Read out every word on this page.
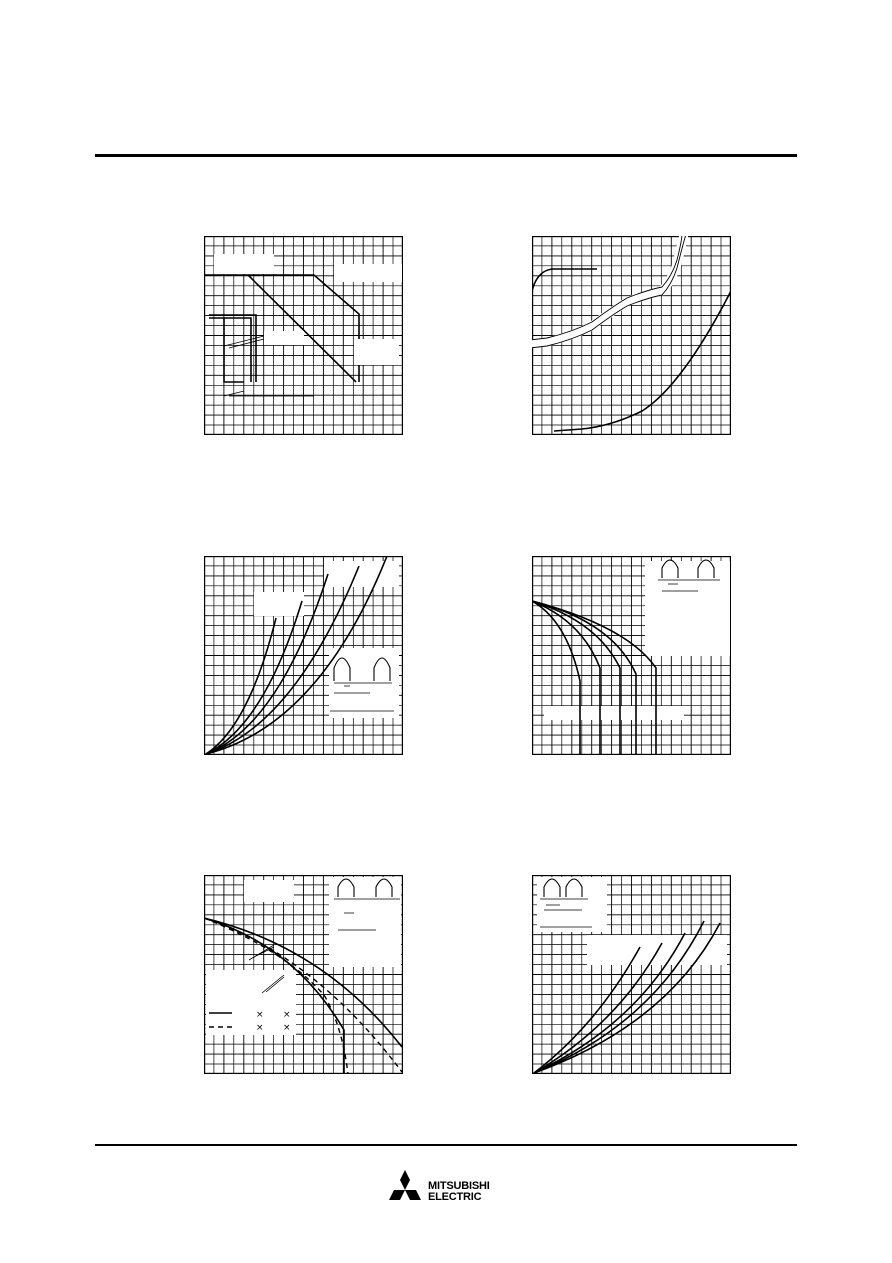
× ×
× ×
MITSUBISHI
ELECTRIC
